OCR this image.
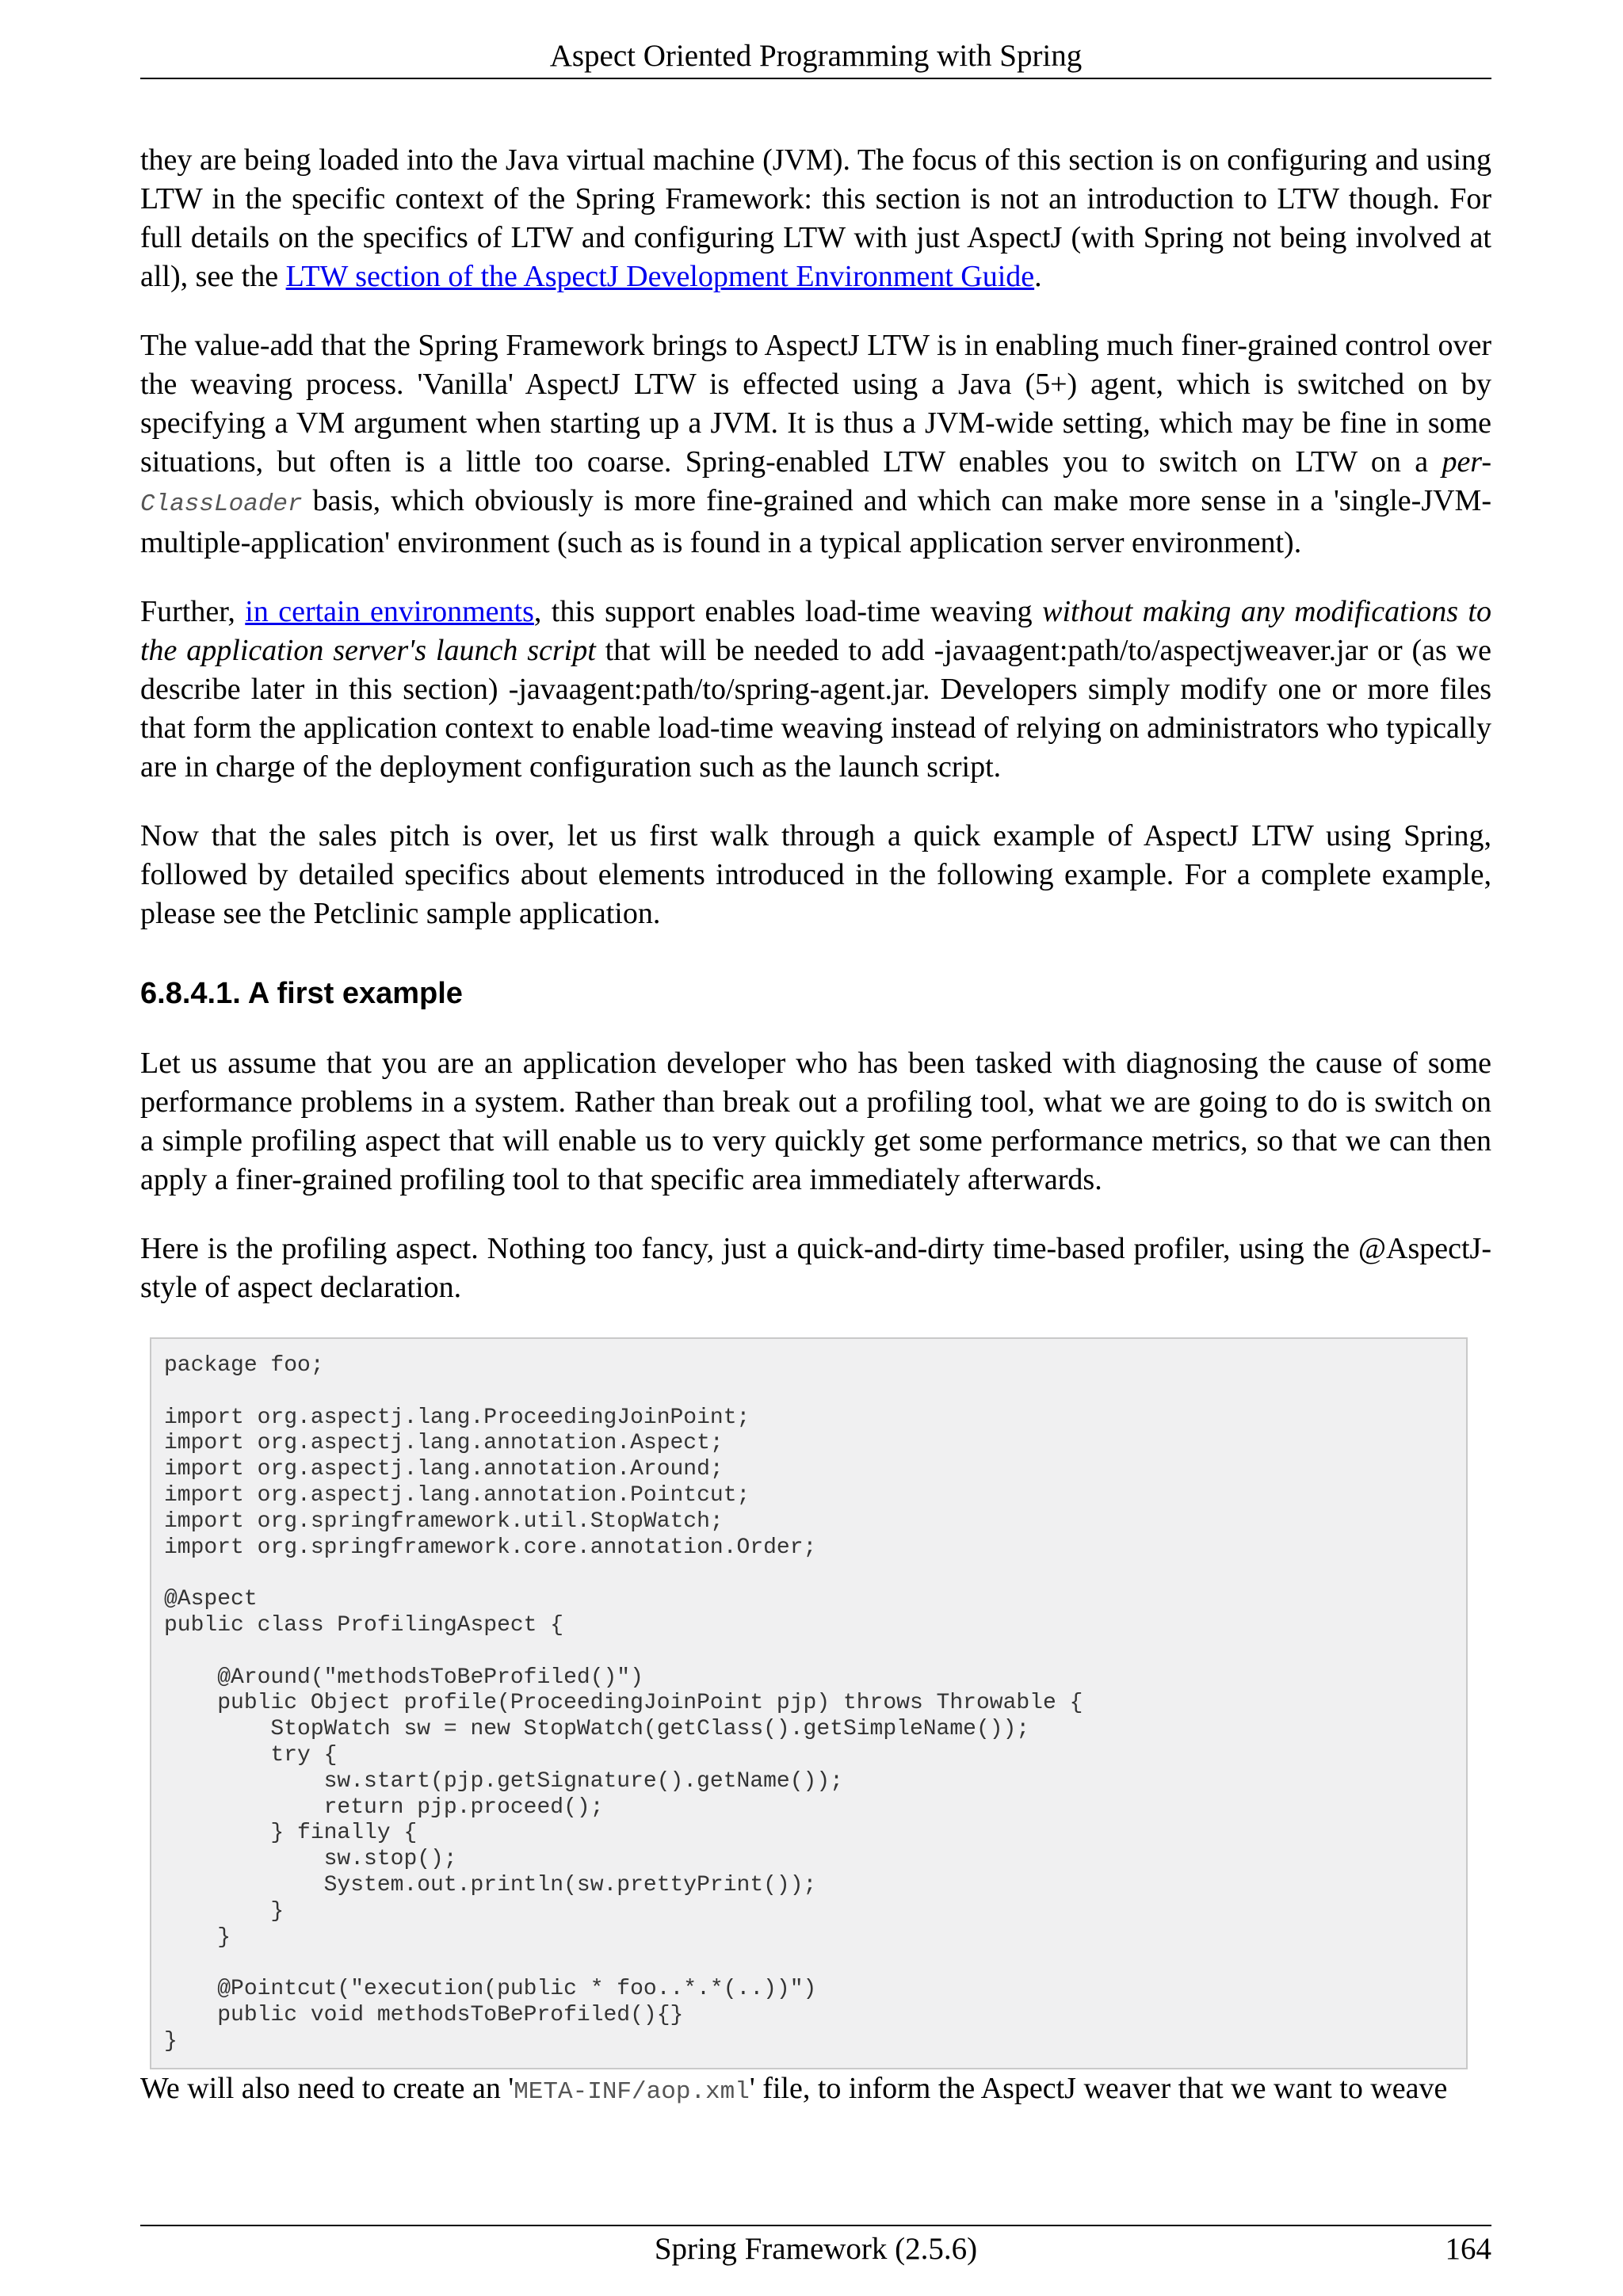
Aspect Oriented Programming with Spring

they are being loaded into the Java virtual machine (JVM). The focus of this section is on configuring and using LTW in the specific context of the Spring Framework: this section is not an introduction to LTW though. For full details on the specifics of LTW and configuring LTW with just AspectJ (with Spring not being involved at all), see the LTW section of the AspectJ Development Environment Guide.

The value-add that the Spring Framework brings to AspectJ LTW is in enabling much finer-grained control over the weaving process. 'Vanilla' AspectJ LTW is effected using a Java (5+) agent, which is switched on by specifying a VM argument when starting up a JVM. It is thus a JVM-wide setting, which may be fine in some situations, but often is a little too coarse. Spring-enabled LTW enables you to switch on LTW on a per-ClassLoader basis, which obviously is more fine-grained and which can make more sense in a 'single-JVM-multiple-application' environment (such as is found in a typical application server environment).

Further, in certain environments, this support enables load-time weaving without making any modifications to the application server's launch script that will be needed to add -javaagent:path/to/aspectjweaver.jar or (as we describe later in this section) -javaagent:path/to/spring-agent.jar. Developers simply modify one or more files that form the application context to enable load-time weaving instead of relying on administrators who typically are in charge of the deployment configuration such as the launch script.

Now that the sales pitch is over, let us first walk through a quick example of AspectJ LTW using Spring, followed by detailed specifics about elements introduced in the following example. For a complete example, please see the Petclinic sample application.

6.8.4.1. A first example

Let us assume that you are an application developer who has been tasked with diagnosing the cause of some performance problems in a system. Rather than break out a profiling tool, what we are going to do is switch on a simple profiling aspect that will enable us to very quickly get some performance metrics, so that we can then apply a finer-grained profiling tool to that specific area immediately afterwards.

Here is the profiling aspect. Nothing too fancy, just a quick-and-dirty time-based profiler, using the @AspectJ-style of aspect declaration.

package foo;
import org.aspectj.lang.ProceedingJoinPoint;
import org.aspectj.lang.annotation.Aspect;
import org.aspectj.lang.annotation.Around;
import org.aspectj.lang.annotation.Pointcut;
import org.springframework.util.StopWatch;
import org.springframework.core.annotation.Order;
@Aspect
public class ProfilingAspect {
@Around("methodsToBeProfiled()")
public Object profile(ProceedingJoinPoint pjp) throws Throwable {
StopWatch sw = new StopWatch(getClass().getSimpleName());
try {
sw.start(pjp.getSignature().getName());
return pjp.proceed();
} finally {
sw.stop();
System.out.println(sw.prettyPrint());
}
}
@Pointcut("execution(public * foo..*.*(..))")
public void methodsToBeProfiled(){}
}

We will also need to create an 'META-INF/aop.xml' file, to inform the AspectJ weaver that we want to weave

Spring Framework (2.5.6)	164
